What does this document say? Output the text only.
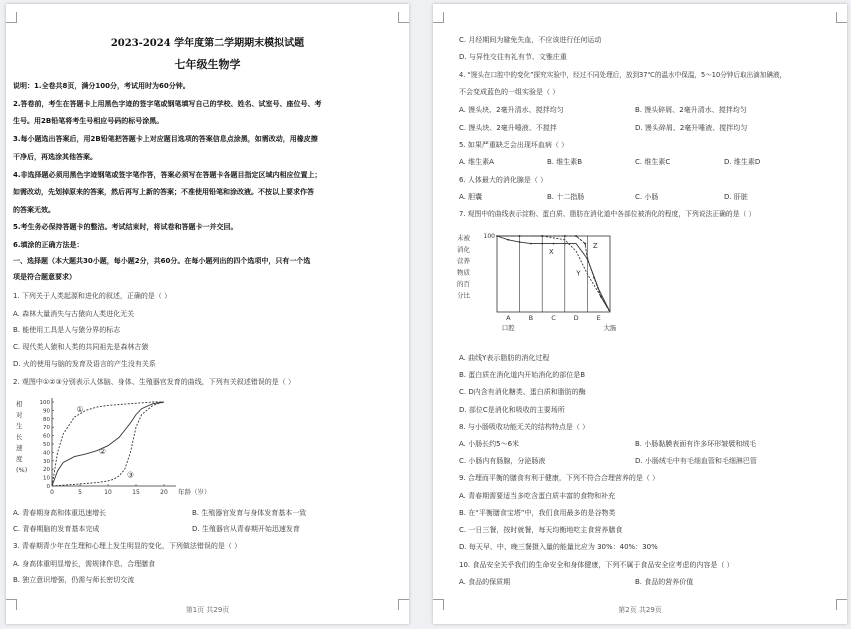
2023-2024 学年度第二学期期末模拟试题
七年级生物学
说明：1.全卷共8页，满分100分，考试用时为60分钟。
2.答卷前，考生在答题卡上用黑色字迹的签字笔或钢笔填写自己的学校、姓名、试室号、座位号、考
生号。用2B铅笔将考生号相应号码的标号涂黑。
3.每小题选出答案后，用2B铅笔把答题卡上对应题目选项的答案信息点涂黑，如需改动，用橡皮擦
干净后，再选涂其他答案。
4.非选择题必须用黑色字迹钢笔或签字笔作答，答案必须写在答题卡各题目指定区域内相应位置上；
如需改动，先划掉原来的答案，然后再写上新的答案；不准使用铅笔和涂改液。不按以上要求作答
的答案无效。
5.考生务必保持答题卡的整洁。考试结束时，将试卷和答题卡一并交回。
6.填涂的正确方法是：
一、选择题（本大题共30小题，每小题2分，共60分。在每小题列出的四个选项中，只有一个选
项是符合题意要求）
1. 下列关于人类起源和进化的叙述，正确的是（ ）
A. 森林大量消失与古猿向人类进化无关
B. 能使用工具是人与猿分界的标志
C. 现代类人猿和人类的共同祖先是森林古猿
D. 火的使用与脑的发育及语言的产生没有关系
2. 观图中①②③分别表示人体脑、身体、生殖器官发育的曲线，下列有关叙述错误的是（ ）
相
对
生
长
速
度
(%)
0
10
20
30
40
50
60
70
80
90
100
0	5	10	15	20 年龄（岁）
①
②
③
A. 青春期身高和体重迅速增长	B. 生殖器官发育与身体发育基本一致
C. 青春期脑的发育基本完成	D. 生殖器官从青春期开始迅速发育
3. 青春期青少年在生理和心理上发生明显的变化，下列做法错误的是（ ）
A. 身高体重明显增长，需规律作息、合理膳食
B. 独立意识增强，仍需与师长密切交流
第1页 共29页
C. 月经期间为避免失血，不应该进行任何运动
D. 与异性交往有礼有节、文雅庄重
4. “馒头在口腔中的变化”探究实验中，经过不同处理后，放到37℃的温水中保温，5～10分钟后取出滴加碘液，
不会变成蓝色的一组实验是（ ）
A. 馒头块、2毫升清水、搅拌均匀	B. 馒头碎屑、2毫升清水、搅拌均匀
C. 馒头块、2毫升唾液、不搅拌	D. 馒头碎屑、2毫升唾液、搅拌均匀
5. 如果严重缺乏会出现坏血病（ ）
A. 维生素A	B. 维生素B	C. 维生素C	D. 维生素D
6. 人体最大的消化腺是（ ）
A. 胆囊	B. 十二指肠	C. 小肠	D. 肝脏
7. 观图中的曲线表示淀粉、蛋白质、脂肪在消化道中各部位被消化的程度，下列说法正确的是（ ）
未被
消化
营养
物质
的百
分比
100
A	B	C	D	E
口腔	大肠
X
Y
Z
A. 曲线Y表示脂肪的消化过程
B. 蛋白质在消化道内开始消化的部位是B
C. D内含有消化糖类、蛋白质和脂肪的酶
D. 部位C是消化和吸收的主要场所
8. 与小肠吸收功能无关的结构特点是（ ）
A. 小肠长约5～6米	B. 小肠黏膜表面有许多环形皱襞和绒毛
C. 小肠内有肠腺，分泌肠液	D. 小肠绒毛中有毛细血管和毛细淋巴管
9. 合理而平衡的膳食有利于健康，下列不符合合理营养的是（ ）
A. 青春期需要适当多吃含蛋白质丰富的食物和补充
B. 在“平衡膳食宝塔”中，我们食用最多的是谷物类
C. 一日三餐，按时就餐，每天均衡地吃主食营养膳食
D. 每天早、中、晚三餐摄入量的能量比应为 30%：40%：30%
10. 食品安全关乎我们的生命安全和身体健康，下列不属于食品安全应考虑的内容是（ ）
A. 食品的保质期	B. 食品的营养价值
第2页 共29页
